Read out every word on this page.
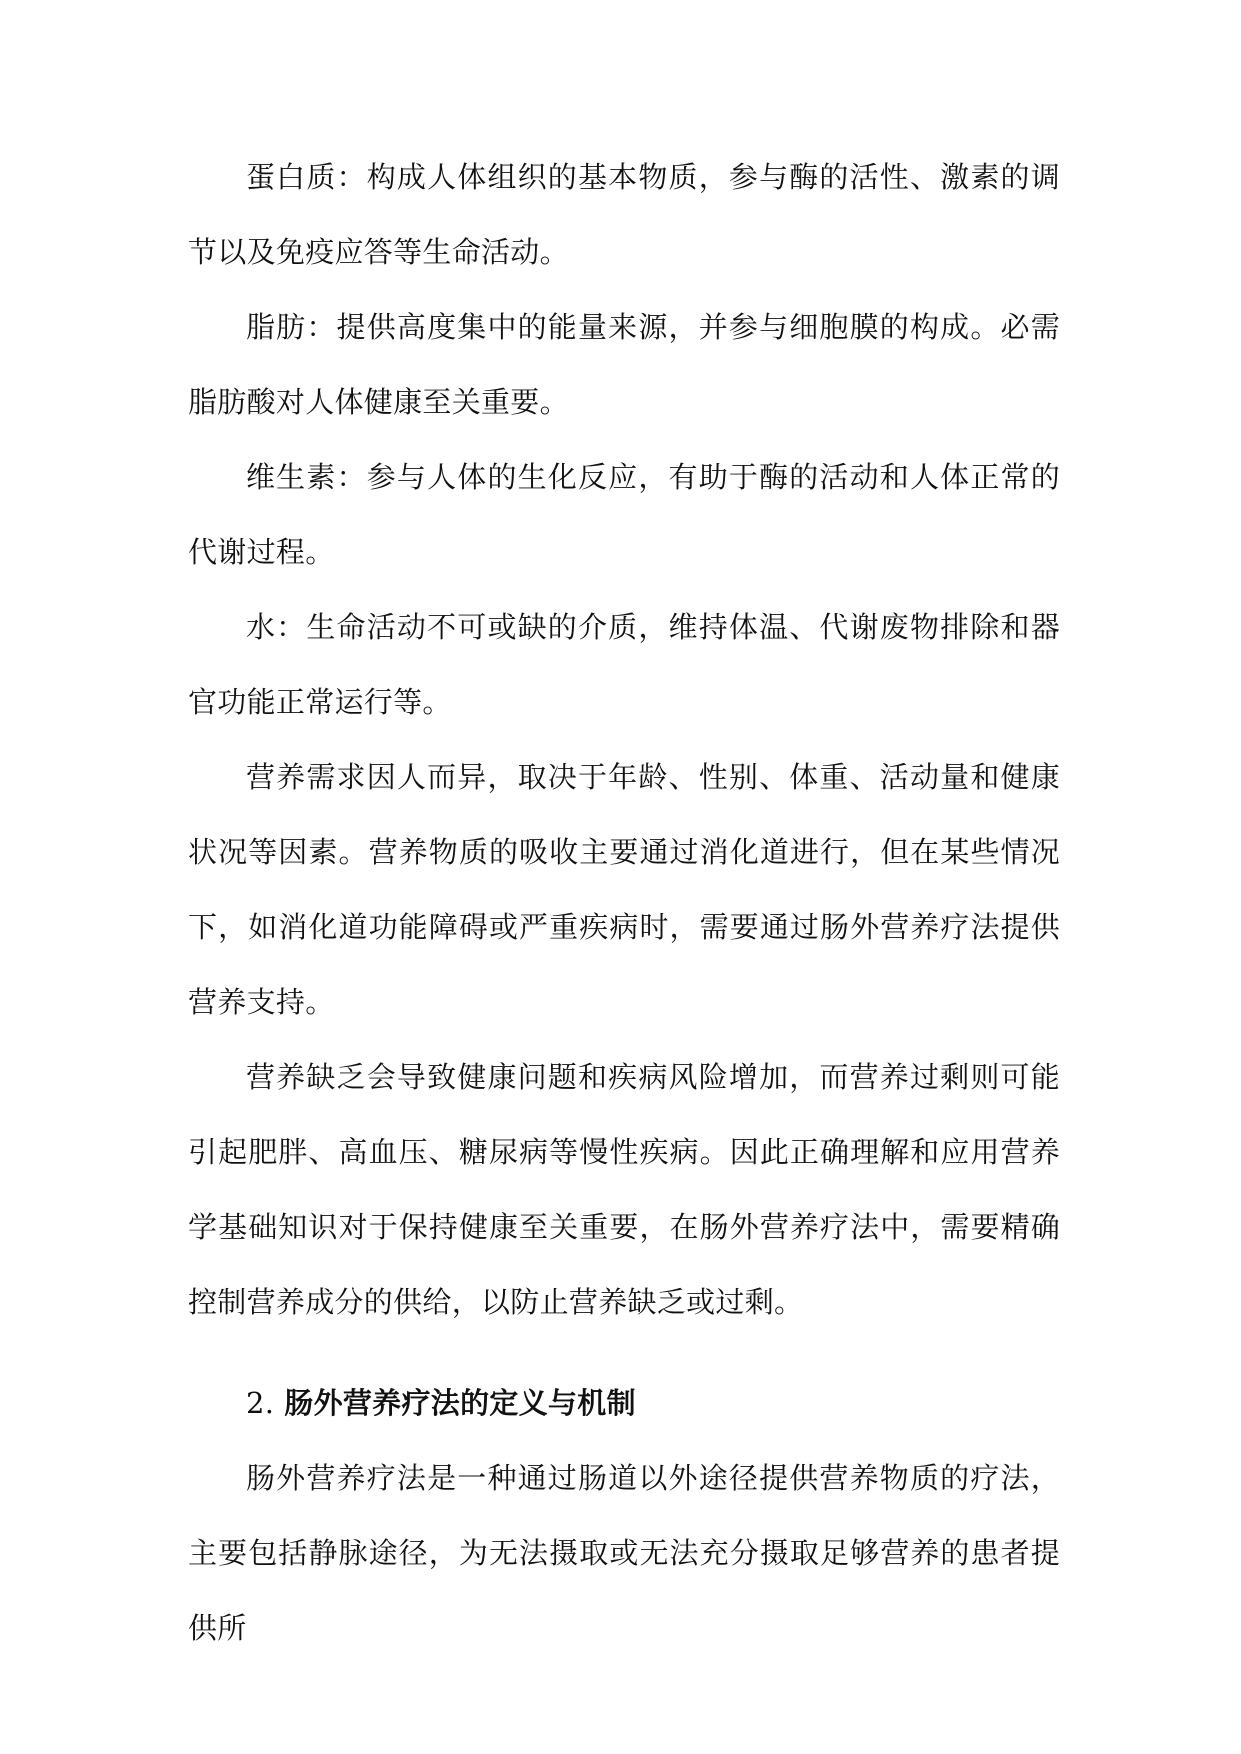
蛋白质：构成人体组织的基本物质，参与酶的活性、激素的调节以及免疫应答等生命活动。

脂肪：提供高度集中的能量来源，并参与细胞膜的构成。必需脂肪酸对人体健康至关重要。

维生素：参与人体的生化反应，有助于酶的活动和人体正常的代谢过程。

水：生命活动不可或缺的介质，维持体温、代谢废物排除和器官功能正常运行等。

营养需求因人而异，取决于年龄、性别、体重、活动量和健康状况等因素。营养物质的吸收主要通过消化道进行，但在某些情况下，如消化道功能障碍或严重疾病时，需要通过肠外营养疗法提供营养支持。

营养缺乏会导致健康问题和疾病风险增加，而营养过剩则可能引起肥胖、高血压、糖尿病等慢性疾病。因此正确理解和应用营养学基础知识对于保持健康至关重要，在肠外营养疗法中，需要精确控制营养成分的供给，以防止营养缺乏或过剩。

2. 肠外营养疗法的定义与机制

肠外营养疗法是一种通过肠道以外途径提供营养物质的疗法，主要包括静脉途径，为无法摄取或无法充分摄取足够营养的患者提供所
